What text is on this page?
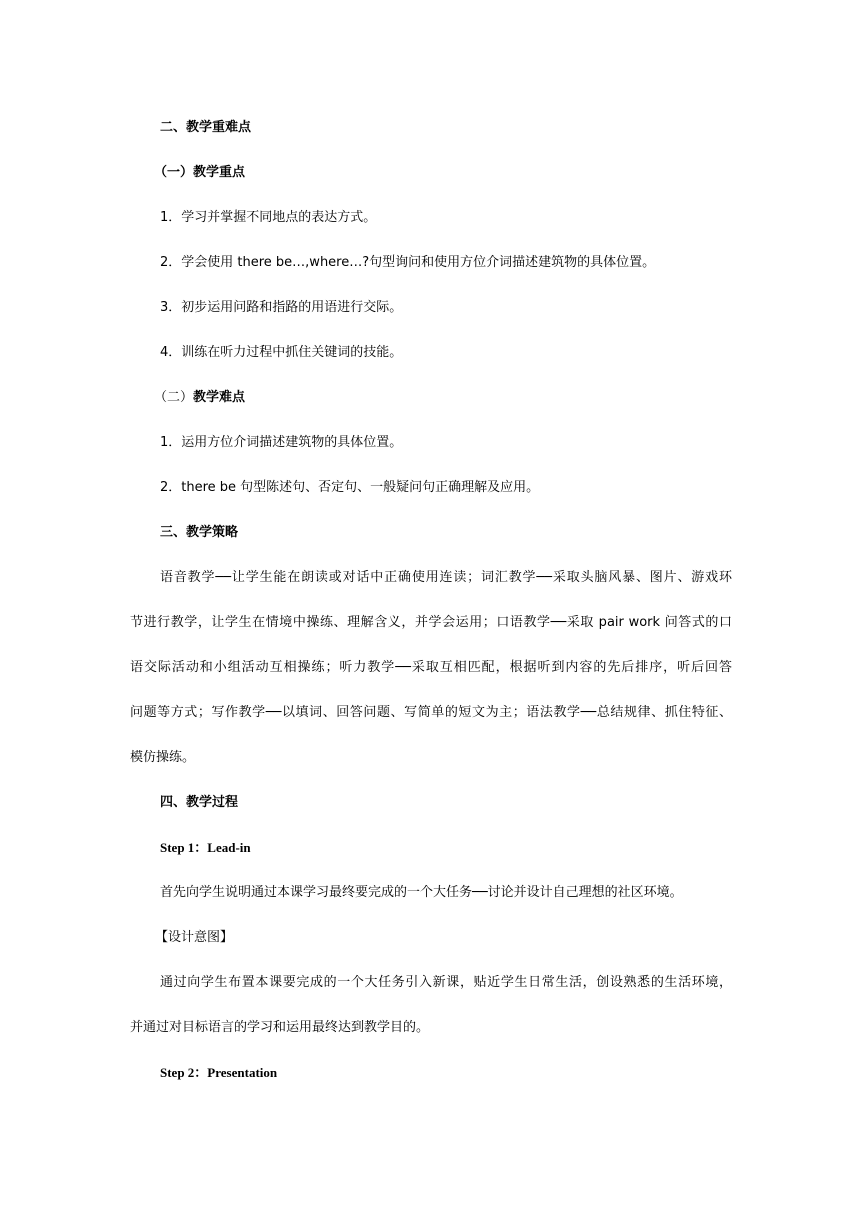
二、教学重难点
（一）教学重点
1．学习并掌握不同地点的表达方式。
2．学会使用 there be…,where…?句型询问和使用方位介词描述建筑物的具体位置。
3．初步运用问路和指路的用语进行交际。
4．训练在听力过程中抓住关键词的技能。
（二）教学难点
1．运用方位介词描述建筑物的具体位置。
2．there be 句型陈述句、否定句、一般疑问句正确理解及应用。
三、教学策略
语音教学──让学生能在朗读或对话中正确使用连读；词汇教学──采取头脑风暴、图片、游戏环
节进行教学，让学生在情境中操练、理解含义，并学会运用；口语教学──采取 pair work 问答式的口
语交际活动和小组活动互相操练；听力教学──采取互相匹配，根据听到内容的先后排序，听后回答
问题等方式；写作教学──以填词、回答问题、写简单的短文为主；语法教学──总结规律、抓住特征、
模仿操练。
四、教学过程
Step 1：Lead-in
首先向学生说明通过本课学习最终要完成的一个大任务──讨论并设计自己理想的社区环境。
【设计意图】
通过向学生布置本课要完成的一个大任务引入新课，贴近学生日常生活，创设熟悉的生活环境，
并通过对目标语言的学习和运用最终达到教学目的。
Step 2：Presentation
